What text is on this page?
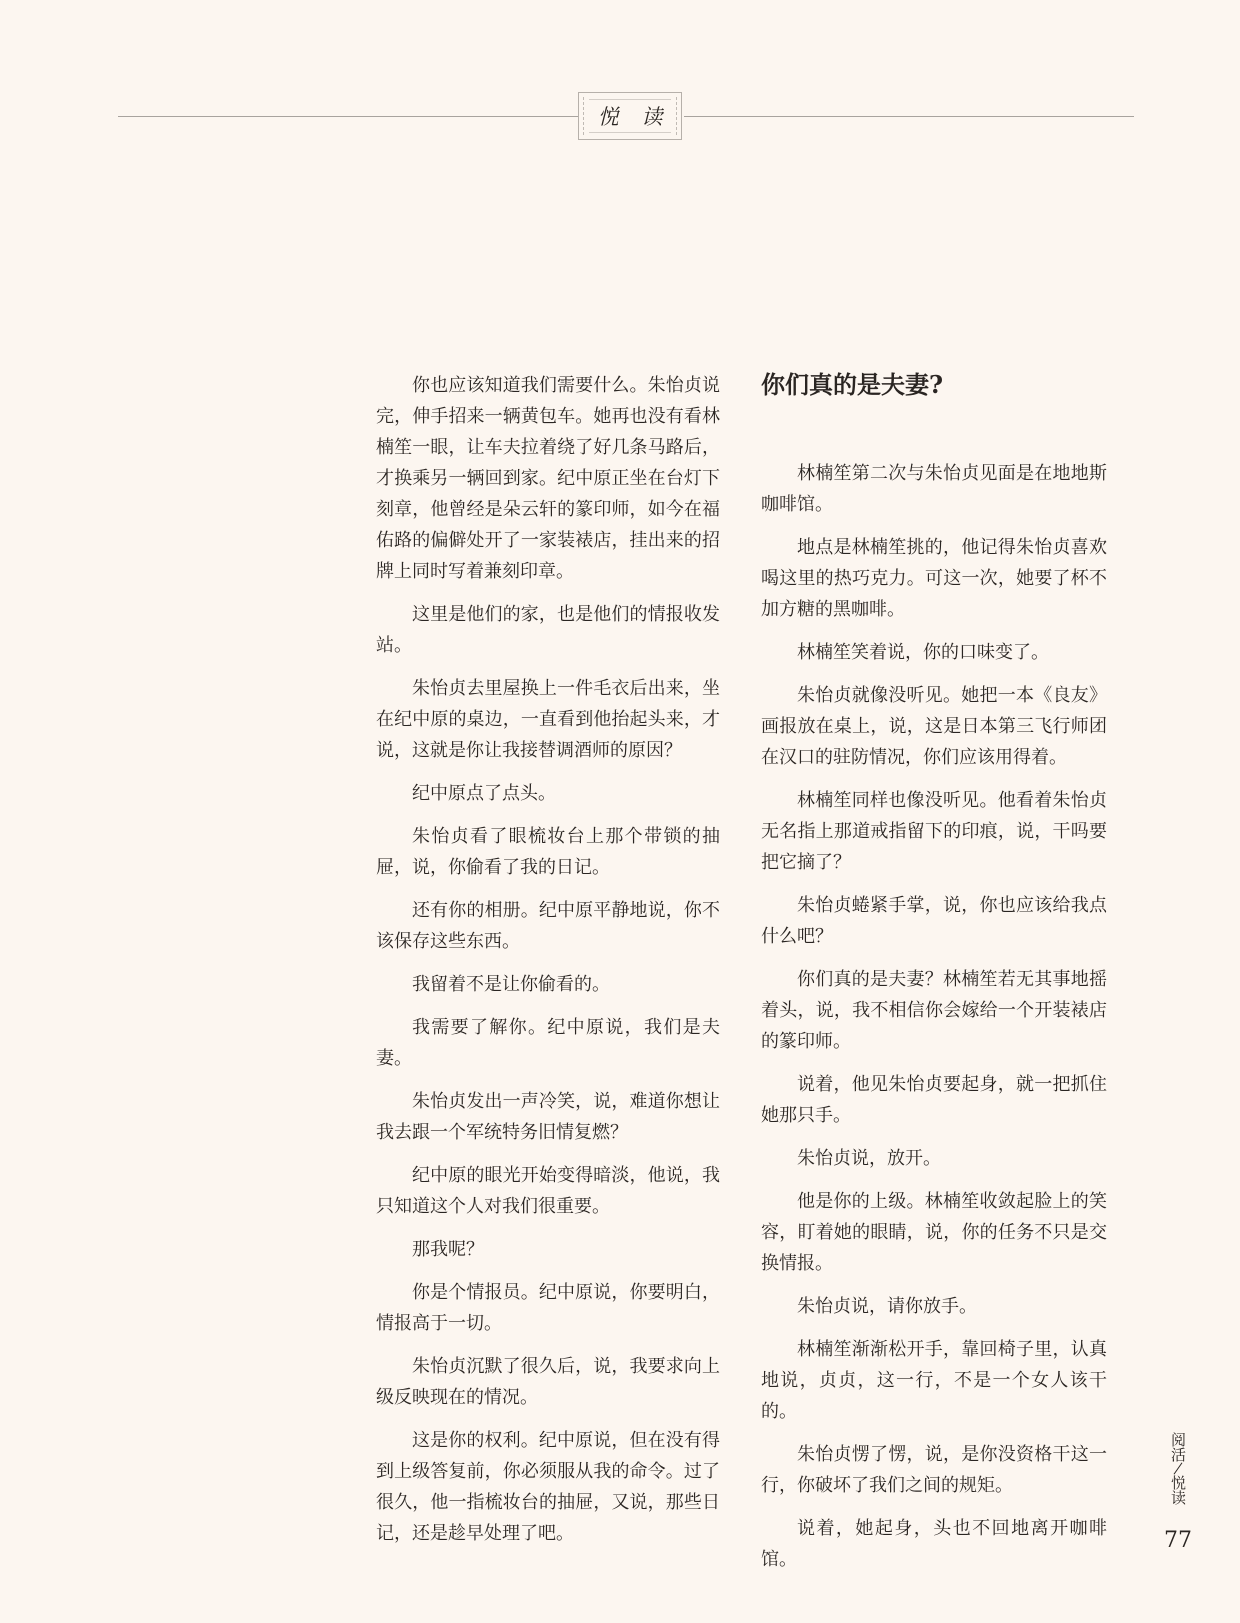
悦 读

你也应该知道我们需要什么。朱怡贞说完，伸手招来一辆黄包车。她再也没有看林楠笙一眼，让车夫拉着绕了好几条马路后，才换乘另一辆回到家。纪中原正坐在台灯下刻章，他曾经是朵云轩的篆印师，如今在福佑路的偏僻处开了一家装裱店，挂出来的招牌上同时写着兼刻印章。

这里是他们的家，也是他们的情报收发站。

朱怡贞去里屋换上一件毛衣后出来，坐在纪中原的桌边，一直看到他抬起头来，才说，这就是你让我接替调酒师的原因？

纪中原点了点头。

朱怡贞看了眼梳妆台上那个带锁的抽屉，说，你偷看了我的日记。

还有你的相册。纪中原平静地说，你不该保存这些东西。

我留着不是让你偷看的。

我需要了解你。纪中原说，我们是夫妻。

朱怡贞发出一声冷笑，说，难道你想让我去跟一个军统特务旧情复燃？

纪中原的眼光开始变得暗淡，他说，我只知道这个人对我们很重要。

那我呢？

你是个情报员。纪中原说，你要明白，情报高于一切。

朱怡贞沉默了很久后，说，我要求向上级反映现在的情况。

这是你的权利。纪中原说，但在没有得到上级答复前，你必须服从我的命令。过了很久，他一指梳妆台的抽屉，又说，那些日记，还是趁早处理了吧。

你们真的是夫妻?

林楠笙第二次与朱怡贞见面是在地地斯咖啡馆。

地点是林楠笙挑的，他记得朱怡贞喜欢喝这里的热巧克力。可这一次，她要了杯不加方糖的黑咖啡。

林楠笙笑着说，你的口味变了。

朱怡贞就像没听见。她把一本《良友》画报放在桌上，说，这是日本第三飞行师团在汉口的驻防情况，你们应该用得着。

林楠笙同样也像没听见。他看着朱怡贞无名指上那道戒指留下的印痕，说，干吗要把它摘了？

朱怡贞蜷紧手掌，说，你也应该给我点什么吧？

你们真的是夫妻？林楠笙若无其事地摇着头，说，我不相信你会嫁给一个开装裱店的篆印师。

说着，他见朱怡贞要起身，就一把抓住她那只手。

朱怡贞说，放开。

他是你的上级。林楠笙收敛起脸上的笑容，盯着她的眼睛，说，你的任务不只是交换情报。

朱怡贞说，请你放手。

林楠笙渐渐松开手，靠回椅子里，认真地说，贞贞，这一行，不是一个女人该干的。

朱怡贞愣了愣，说，是你没资格干这一行，你破坏了我们之间的规矩。

说着，她起身，头也不回地离开咖啡馆。

阅活
悦读
77
